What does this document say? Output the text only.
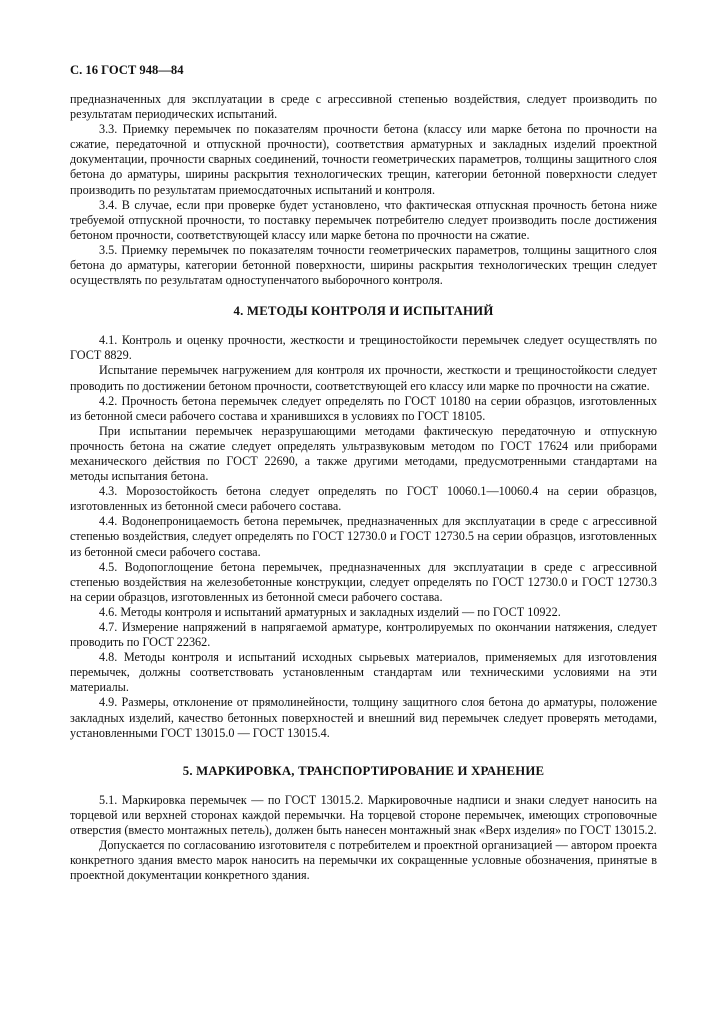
С. 16 ГОСТ 948—84

предназначенных для эксплуатации в среде с агрессивной степенью воздействия, следует производить по результатам периодических испытаний.

3.3. Приемку перемычек по показателям прочности бетона (классу или марке бетона по прочности на сжатие, передаточной и отпускной прочности), соответствия арматурных и закладных изделий проектной документации, прочности сварных соединений, точности геометрических параметров, толщины защитного слоя бетона до арматуры, ширины раскрытия технологических трещин, категории бетонной поверхности следует производить по результатам приемосдаточных испытаний и контроля.

3.4. В случае, если при проверке будет установлено, что фактическая отпускная прочность бетона ниже требуемой отпускной прочности, то поставку перемычек потребителю следует производить после достижения бетоном прочности, соответствующей классу или марке бетона по прочности на сжатие.

3.5. Приемку перемычек по показателям точности геометрических параметров, толщины защитного слоя бетона до арматуры, категории бетонной поверхности, ширины раскрытия технологических трещин следует осуществлять по результатам одноступенчатого выборочного контроля.

4. МЕТОДЫ КОНТРОЛЯ И ИСПЫТАНИЙ

4.1. Контроль и оценку прочности, жесткости и трещиностойкости перемычек следует осуществлять по ГОСТ 8829.

Испытание перемычек нагружением для контроля их прочности, жесткости и трещиностойкости следует проводить по достижении бетоном прочности, соответствующей его классу или марке по прочности на сжатие.

4.2. Прочность бетона перемычек следует определять по ГОСТ 10180 на серии образцов, изготовленных из бетонной смеси рабочего состава и хранившихся в условиях по ГОСТ 18105.

При испытании перемычек неразрушающими методами фактическую передаточную и отпускную прочность бетона на сжатие следует определять ультразвуковым методом по ГОСТ 17624 или приборами механического действия по ГОСТ 22690, а также другими методами, предусмотренными стандартами на методы испытания бетона.

4.3. Морозостойкость бетона следует определять по ГОСТ 10060.1—10060.4 на серии образцов, изготовленных из бетонной смеси рабочего состава.

4.4. Водонепроницаемость бетона перемычек, предназначенных для эксплуатации в среде с агрессивной степенью воздействия, следует определять по ГОСТ 12730.0 и ГОСТ 12730.5 на серии образцов, изготовленных из бетонной смеси рабочего состава.

4.5. Водопоглощение бетона перемычек, предназначенных для эксплуатации в среде с агрессивной степенью воздействия на железобетонные конструкции, следует определять по ГОСТ 12730.0 и ГОСТ 12730.3 на серии образцов, изготовленных из бетонной смеси рабочего состава.

4.6. Методы контроля и испытаний арматурных и закладных изделий — по ГОСТ 10922.

4.7. Измерение напряжений в напрягаемой арматуре, контролируемых по окончании натяжения, следует проводить по ГОСТ 22362.

4.8. Методы контроля и испытаний исходных сырьевых материалов, применяемых для изготовления перемычек, должны соответствовать установленным стандартам или техническими условиями на эти материалы.

4.9. Размеры, отклонение от прямолинейности, толщину защитного слоя бетона до арматуры, положение закладных изделий, качество бетонных поверхностей и внешний вид перемычек следует проверять методами, установленными ГОСТ 13015.0 — ГОСТ 13015.4.

5. МАРКИРОВКА, ТРАНСПОРТИРОВАНИЕ И ХРАНЕНИЕ

5.1. Маркировка перемычек — по ГОСТ 13015.2. Маркировочные надписи и знаки следует наносить на торцевой или верхней сторонах каждой перемычки. На торцевой стороне перемычек, имеющих строповочные отверстия (вместо монтажных петель), должен быть нанесен монтажный знак «Верх изделия» по ГОСТ 13015.2.

Допускается по согласованию изготовителя с потребителем и проектной организацией — автором проекта конкретного здания вместо марок наносить на перемычки их сокращенные условные обозначения, принятые в проектной документации конкретного здания.
